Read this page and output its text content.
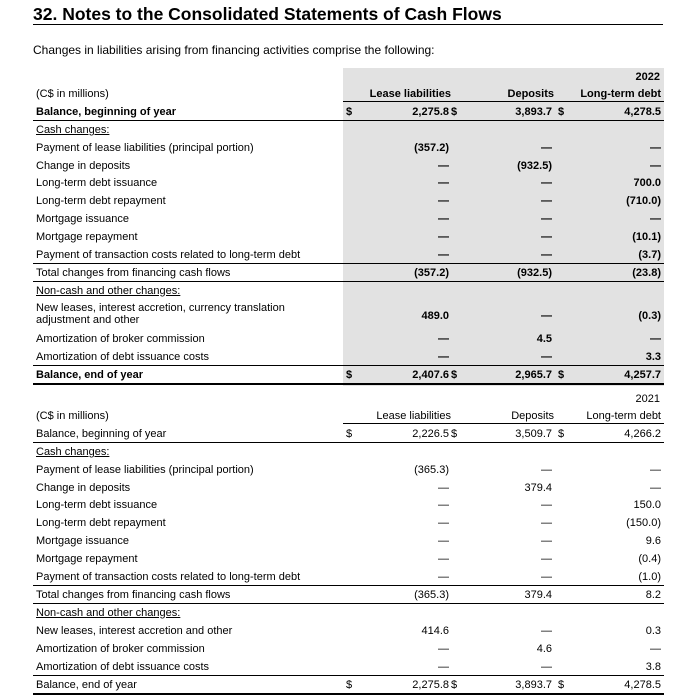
32. Notes to the Consolidated Statements of Cash Flows
Changes in liabilities arising from financing activities comprise the following:
2022
(C$ in millions)	Lease liabilities	Deposits Long-term debt
Balance, beginning of year	2,275.8	3,893.7	4,278.5
$	$	$
Cash changes:
Payment of lease liabilities (principal portion)	(357.2)	—	—
Change in deposits	—	(932.5)	—
Long-term debt issuance	—	—	700.0
Long-term debt repayment	—	—	(710.0)
Mortgage issuance	—	—	—
Mortgage repayment	—	—	(10.1)
Payment of transaction costs related to long-term debt	—	—	(3.7)
Total changes from financing cash flows	(357.2)	(932.5)	(23.8)
Non-cash and other changes:
New leases, interest accretion, currency translation adjustment and other	489.0	—	(0.3)
Amortization of broker commission	—	4.5	—
Amortization of debt issuance costs	—	—	3.3
Balance, end of year	2,407.6	2,965.7	4,257.7
$	$	$
2021
(C$ in millions)	Lease liabilities	Deposits	Long-term debt
Balance, beginning of year	2,226.5	3,509.7	4,266.2
$	$	$
Cash changes:
Payment of lease liabilities (principal portion)	(365.3)	—	—
Change in deposits	—	379.4	—
Long-term debt issuance	—	—	150.0
Long-term debt repayment	—	—	(150.0)
Mortgage issuance	—	—	9.6
Mortgage repayment	—	—	(0.4)
Payment of transaction costs related to long-term debt	—	—	(1.0)
Total changes from financing cash flows	(365.3)	379.4	8.2
Non-cash and other changes:
New leases, interest accretion and other	414.6	—	0.3
Amortization of broker commission	—	4.6	—
Amortization of debt issuance costs	—	—	3.8
Balance, end of year	2,275.8	3,893.7	4,278.5
$	$	$
